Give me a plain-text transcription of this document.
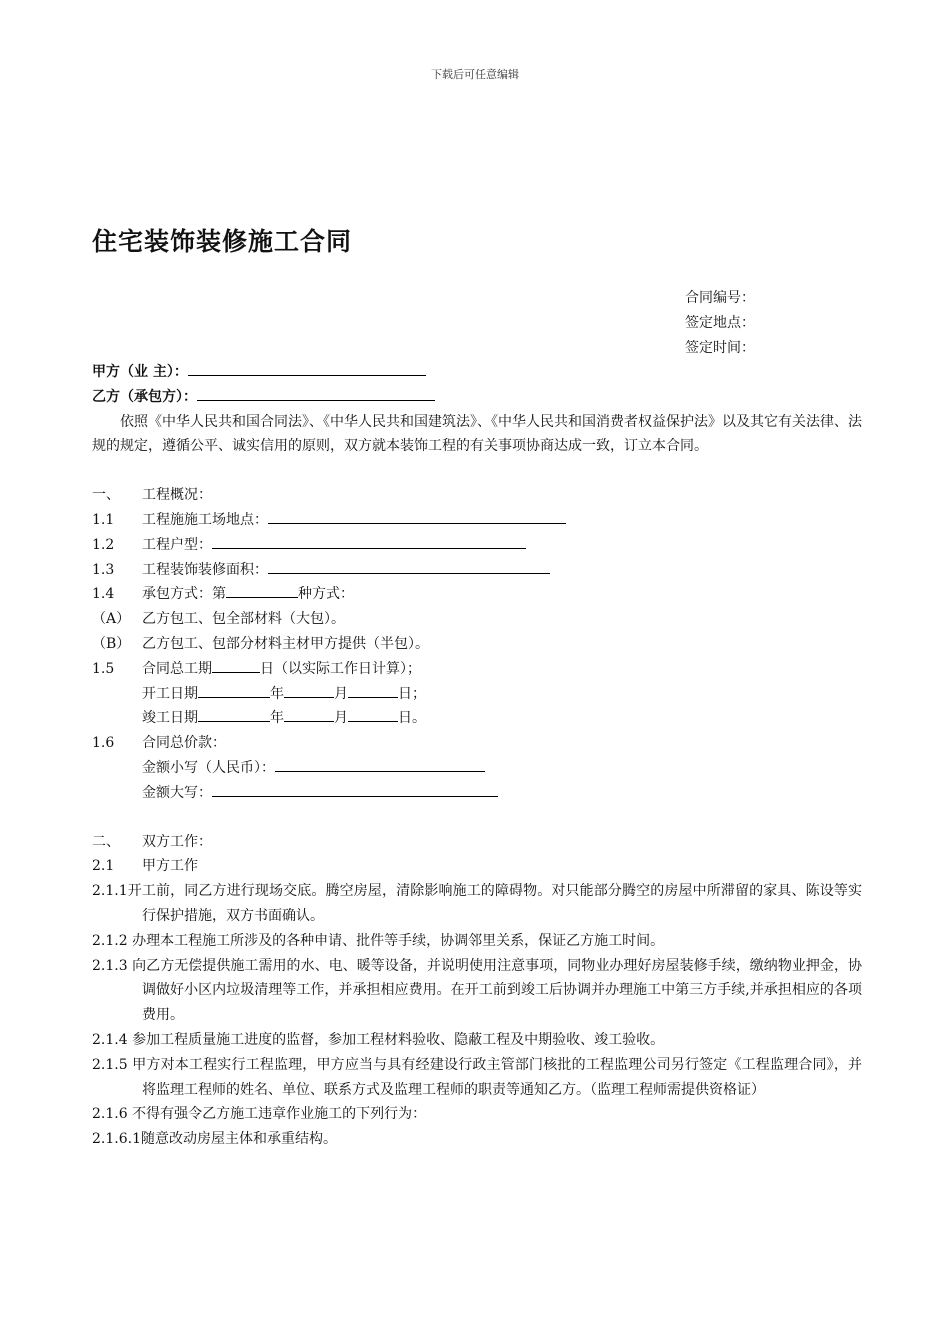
下载后可任意编辑
住宅装饰装修施工合同
合同编号：
签定地点：
签定时间：
甲方（业 主）：
乙方（承包方）：
依照《中华人民共和国合同法》、《中华人民共和国建筑法》、《中华人民共和国消费者权益保护法》以及其它有关法律、法规的规定，遵循公平、诚实信用的原则，双方就本装饰工程的有关事项协商达成一致，订立本合同。
一、 工程概况：
1.1 工程施施工场地点：
1.2 工程户型：
1.3 工程装饰装修面积：
1.4 承包方式：第	种方式：
（A） 乙方包工、包全部材料（大包）。
（B） 乙方包工、包部分材料主材甲方提供（半包）。
1.5 合同总工期	日（以实际工作日计算）；
开工日期	年	月	日；
竣工日期	年	月	日。
1.6 合同总价款：
金额小写（人民币）：
金额大写：
二、 双方工作：
2.1 甲方工作
2.1.1开工前，同乙方进行现场交底。腾空房屋，清除影响施工的障碍物。对只能部分腾空的房屋中所滞留的家具、陈设等实行保护措施，双方书面确认。
2.1.2 办理本工程施工所涉及的各种申请、批件等手续，协调邻里关系，保证乙方施工时间。
2.1.3 向乙方无偿提供施工需用的水、电、暖等设备，并说明使用注意事项，同物业办理好房屋装修手续，缴纳物业押金，协调做好小区内垃圾清理等工作，并承担相应费用。在开工前到竣工后协调并办理施工中第三方手续,并承担相应的各项费用。
2.1.4 参加工程质量施工进度的监督，参加工程材料验收、隐蔽工程及中期验收、竣工验收。
2.1.5 甲方对本工程实行工程监理，甲方应当与具有经建设行政主管部门核批的工程监理公司另行签定《工程监理合同》，并将监理工程师的姓名、单位、联系方式及监理工程师的职责等通知乙方。（监理工程师需提供资格证）
2.1.6 不得有强令乙方施工违章作业施工的下列行为：
2.1.6.1随意改动房屋主体和承重结构。
